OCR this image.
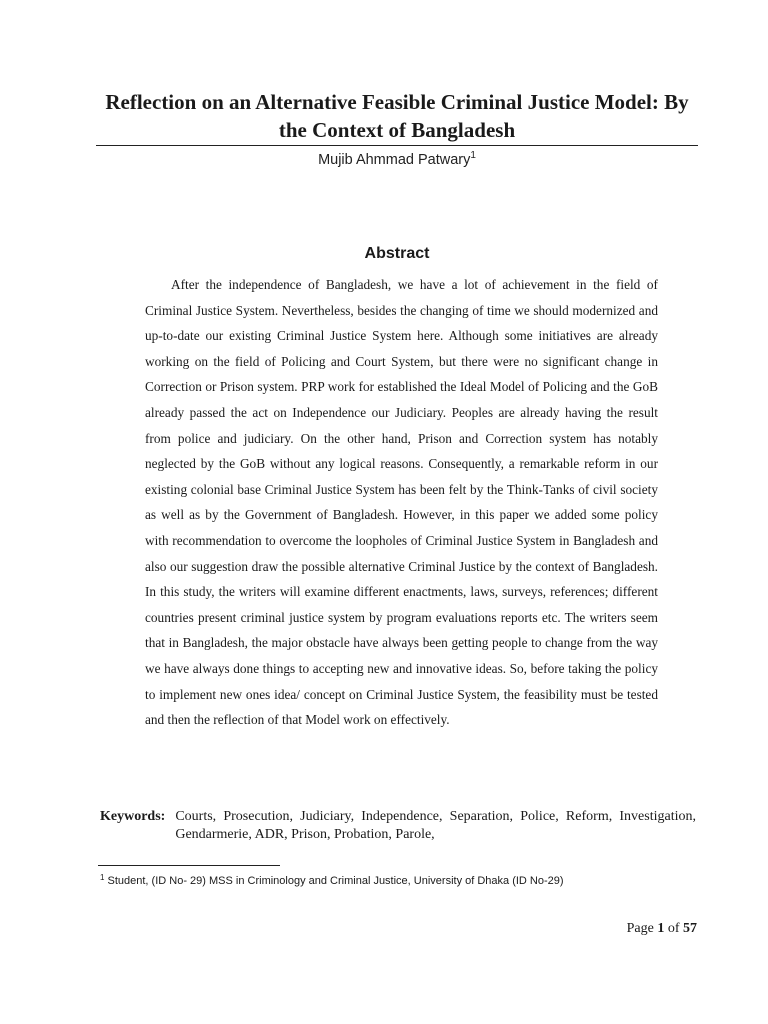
Reflection on an Alternative Feasible Criminal Justice Model: By the Context of Bangladesh
Mujib Ahmmad Patwary$^1$
Abstract

After the independence of Bangladesh, we have a lot of achievement in the field of Criminal Justice System. Nevertheless, besides the changing of time we should modernized and up-to-date our existing Criminal Justice System here. Although some initiatives are already working on the field of Policing and Court System, but there were no significant change in Correction or Prison system. PRP work for established the Ideal Model of Policing and the GoB already passed the act on Independence our Judiciary. Peoples are already having the result from police and judiciary. On the other hand, Prison and Correction system has notably neglected by the GoB without any logical reasons. Consequently, a remarkable reform in our existing colonial base Criminal Justice System has been felt by the Think-Tanks of civil society as well as by the Government of Bangladesh. However, in this paper we added some policy with recommendation to overcome the loopholes of Criminal Justice System in Bangladesh and also our suggestion draw the possible alternative Criminal Justice by the context of Bangladesh. In this study, the writers will examine different enactments, laws, surveys, references; different countries present criminal justice system by program evaluations reports etc. The writers seem that in Bangladesh, the major obstacle have always been getting people to change from the way we have always done things to accepting new and innovative ideas. So, before taking the policy to implement new ones idea/ concept on Criminal Justice System, the feasibility must be tested and then the reflection of that Model work on effectively.

Keywords: Courts, Prosecution, Judiciary, Independence, Separation, Police, Reform, Investigation, Gendarmerie, ADR, Prison, Probation, Parole,
$^1$ Student, (ID No- 29) MSS in Criminology and Criminal Justice, University of Dhaka (ID No-29)
Page 1 of 57
